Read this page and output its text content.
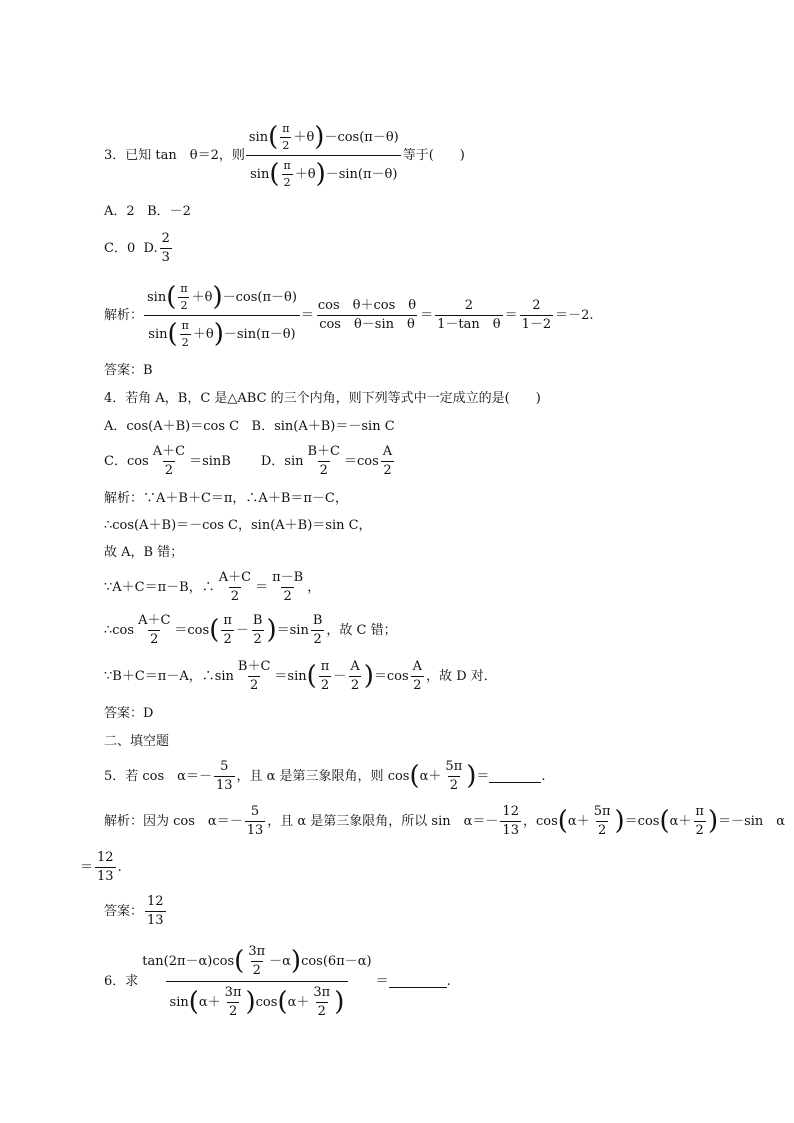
3．已知 tan　θ＝2，则 $\frac{\sin ( \frac{\pi}{2} +\theta ) -\cos(\pi-\theta)}{\sin ( \frac{\pi}{2} +\theta ) -\sin(\pi-\theta)}$ 等于(　　)
A．2 B．－2
C．0
D. $\frac{2}{3}$
解析： $\frac{\sin ( \frac{\pi}{2} +\theta ) -\cos(\pi-\theta)}{\sin ( \frac{\pi}{2} +\theta ) -\sin(\pi-\theta)} = \frac{\text{cos　θ＋cos　θ}}{\text{cos　θ－sin　θ}} = \frac{2}{\text{1－tan　θ}} = \frac{2}{1-2} =-2$.
答案：B
4．若角 A，B，C 是△ABC 的三个内角，则下列等式中一定成立的是(　　)
A．cos(A＋B)＝cos C B．sin(A＋B)＝－sin C
C．$\cos \frac{A+C}{2} =\sin B$ D．$\sin \frac{B+C}{2} =\cos \frac{A}{2}$
解析：∵A＋B＋C＝π，∴A＋B＝π－C，
∴cos(A＋B)＝－cos C，sin(A＋B)＝sin C，
故 A，B 错；
∵A＋C＝π－B，∴ $\frac{A+C}{2} = \frac{\pi-B}{2}$ ，
∴cos $\frac{A+C}{2} =\cos$ ( $\frac{\pi}{2} - \frac{B}{2}$ ) $=\sin \frac{B}{2}$ ，故 C 错；
∵B＋C＝π－A，∴sin $\frac{B+C}{2} =\sin$ ( $\frac{\pi}{2} - \frac{A}{2}$ ) $=\cos \frac{A}{2}$ ，故 D 对．
答案：D
二、填空题
5．若 cos　$\alpha=- \frac{5}{13}$ ，且 α 是第三象限角，则 cos ( $\alpha+ \frac{5\pi}{2}$ ) ＝	.
解析：因为 cos　$\alpha=- \frac{5}{13}$ ，且 α 是第三象限角，所以 sin　$\alpha=- \frac{12}{13}$ ，cos ( $\alpha+ \frac{5\pi}{2}$ ) ＝cos ( $\alpha+ \frac{\pi}{2}$ ) ＝－sin　α
＝ $\frac{12}{13}$ .
答案： $\frac{12}{13}$
6．求
tan(2π－α)cos ( $\frac{3\pi}{2} -\alpha$ ) cos(6π－α)
sin ( $\alpha+ \frac{3\pi}{2}$ ) cos ( $\alpha+ \frac{3\pi}{2}$ )
＝	.
